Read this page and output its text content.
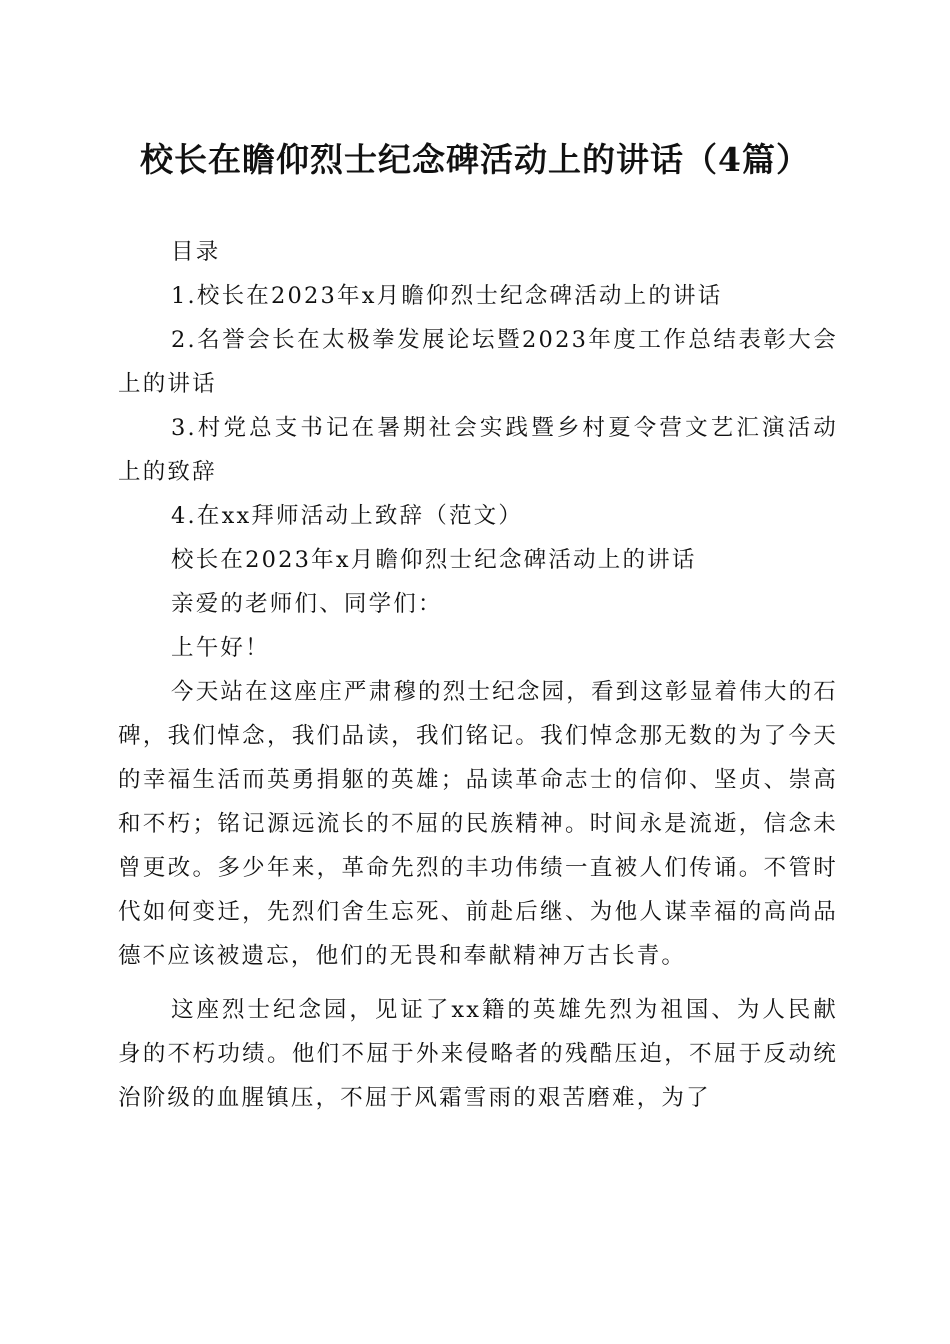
校长在瞻仰烈士纪念碑活动上的讲话（4篇）

目录

1.校长在2023年x月瞻仰烈士纪念碑活动上的讲话

2.名誉会长在太极拳发展论坛暨2023年度工作总结表彰大会上的讲话

3.村党总支书记在暑期社会实践暨乡村夏令营文艺汇演活动上的致辞

4.在xx拜师活动上致辞（范文）

校长在2023年x月瞻仰烈士纪念碑活动上的讲话

亲爱的老师们、同学们：

上午好！

今天站在这座庄严肃穆的烈士纪念园，看到这彰显着伟大的石碑，我们悼念，我们品读，我们铭记。我们悼念那无数的为了今天的幸福生活而英勇捐躯的英雄；品读革命志士的信仰、坚贞、崇高和不朽；铭记源远流长的不屈的民族精神。时间永是流逝，信念未曾更改。多少年来，革命先烈的丰功伟绩一直被人们传诵。不管时代如何变迁，先烈们舍生忘死、前赴后继、为他人谋幸福的高尚品德不应该被遗忘，他们的无畏和奉献精神万古长青。

这座烈士纪念园，见证了xx籍的英雄先烈为祖国、为人民献身的不朽功绩。他们不屈于外来侵略者的残酷压迫，不屈于反动统治阶级的血腥镇压，不屈于风霜雪雨的艰苦磨难，为了
